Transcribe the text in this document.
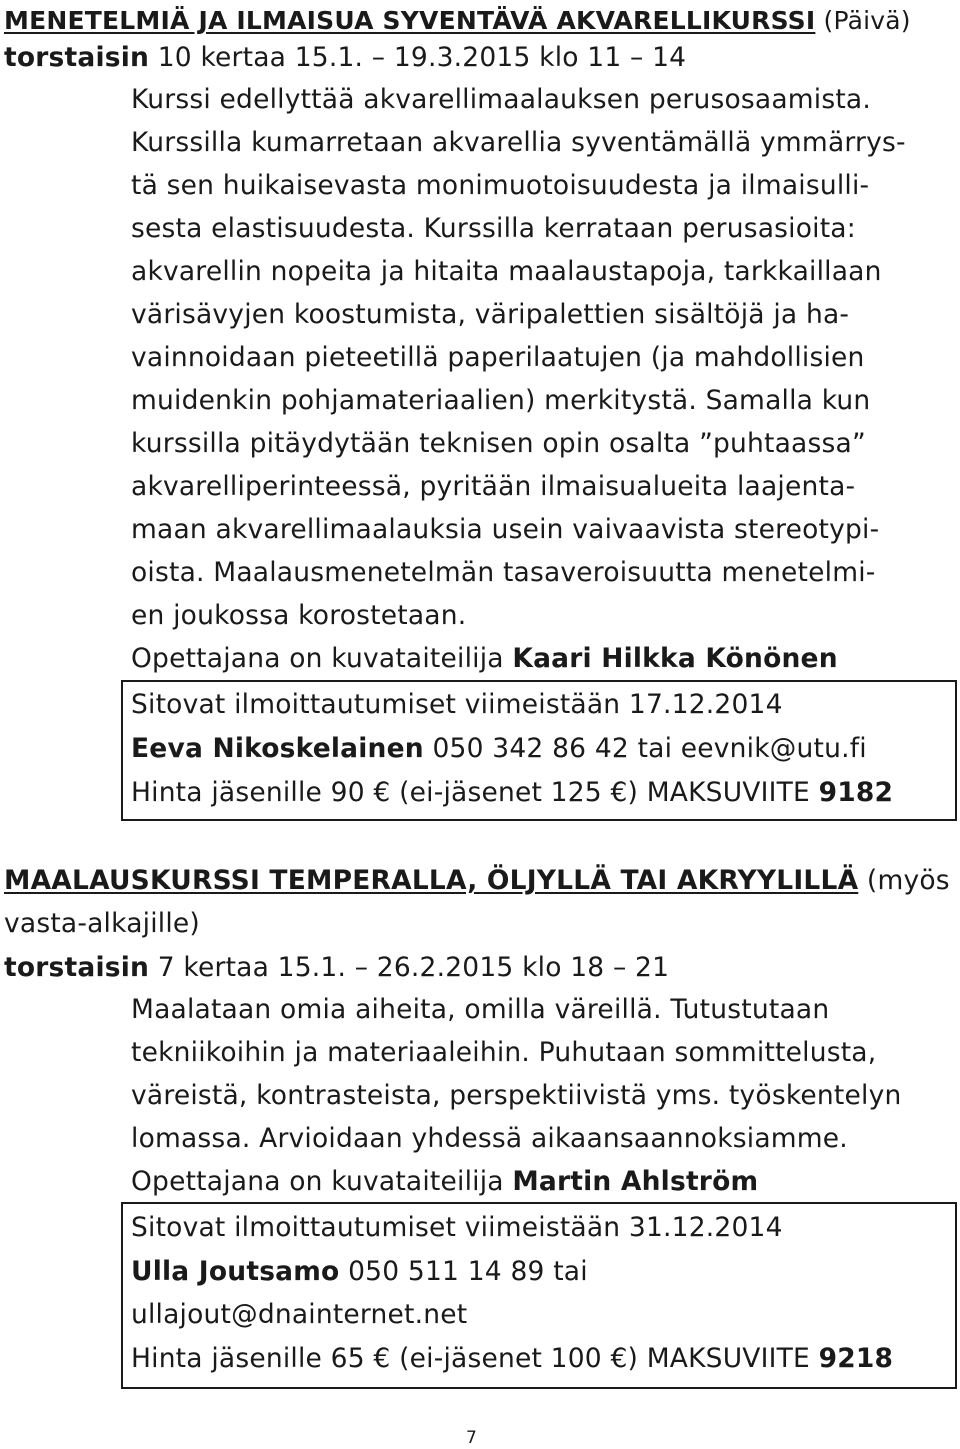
MENETELMIÄ JA ILMAISUA SYVENTÄVÄ AKVARELLIKURSSI (Päivä)
torstaisin 10 kertaa 15.1. – 19.3.2015 klo 11 – 14
Kurssi edellyttää akvarellimaalauksen perusosaamista.
Kurssilla kumarretaan akvarellia syventämällä ymmärrys-
tä sen huikaisevasta monimuotoisuudesta ja ilmaisulli-
sesta elastisuudesta. Kurssilla kerrataan perusasioita:
akvarellin nopeita ja hitaita maalaustapoja, tarkkaillaan
värisävyjen koostumista, väripalettien sisältöjä ja ha-
vainnoidaan pieteetillä paperilaatujen (ja mahdollisien
muidenkin pohjamateriaalien) merkitystä. Samalla kun
kurssilla pitäydytään teknisen opin osalta ”puhtaassa”
akvarelliperinteessä, pyritään ilmaisualueita laajenta-
maan akvarellimaalauksia usein vaivaavista stereotypi-
oista. Maalausmenetelmän tasaveroisuutta menetelmi-
en joukossa korostetaan.
Opettajana on kuvataiteilija Kaari Hilkka Könönen
Sitovat ilmoittautumiset viimeistään 17.12.2014
Eeva Nikoskelainen 050 342 86 42 tai eevnik@utu.fi
Hinta jäsenille 90 € (ei-jäsenet 125 €) MAKSUVIITE 9182
MAALAUSKURSSI TEMPERALLA, ÖLJYLLÄ TAI AKRYYLILLÄ (myös
vasta-alkajille)
torstaisin 7 kertaa 15.1. – 26.2.2015 klo 18 – 21
Maalataan omia aiheita, omilla väreillä. Tutustutaan
tekniikoihin ja materiaaleihin. Puhutaan sommittelusta,
väreistä, kontrasteista, perspektiivistä yms. työskentelyn
lomassa. Arvioidaan yhdessä aikaansaannoksiamme.
Opettajana on kuvataiteilija Martin Ahlström
Sitovat ilmoittautumiset viimeistään 31.12.2014
Ulla Joutsamo 050 511 14 89 tai
ullajout@dnainternet.net
Hinta jäsenille 65 € (ei-jäsenet 100 €) MAKSUVIITE 9218
7
